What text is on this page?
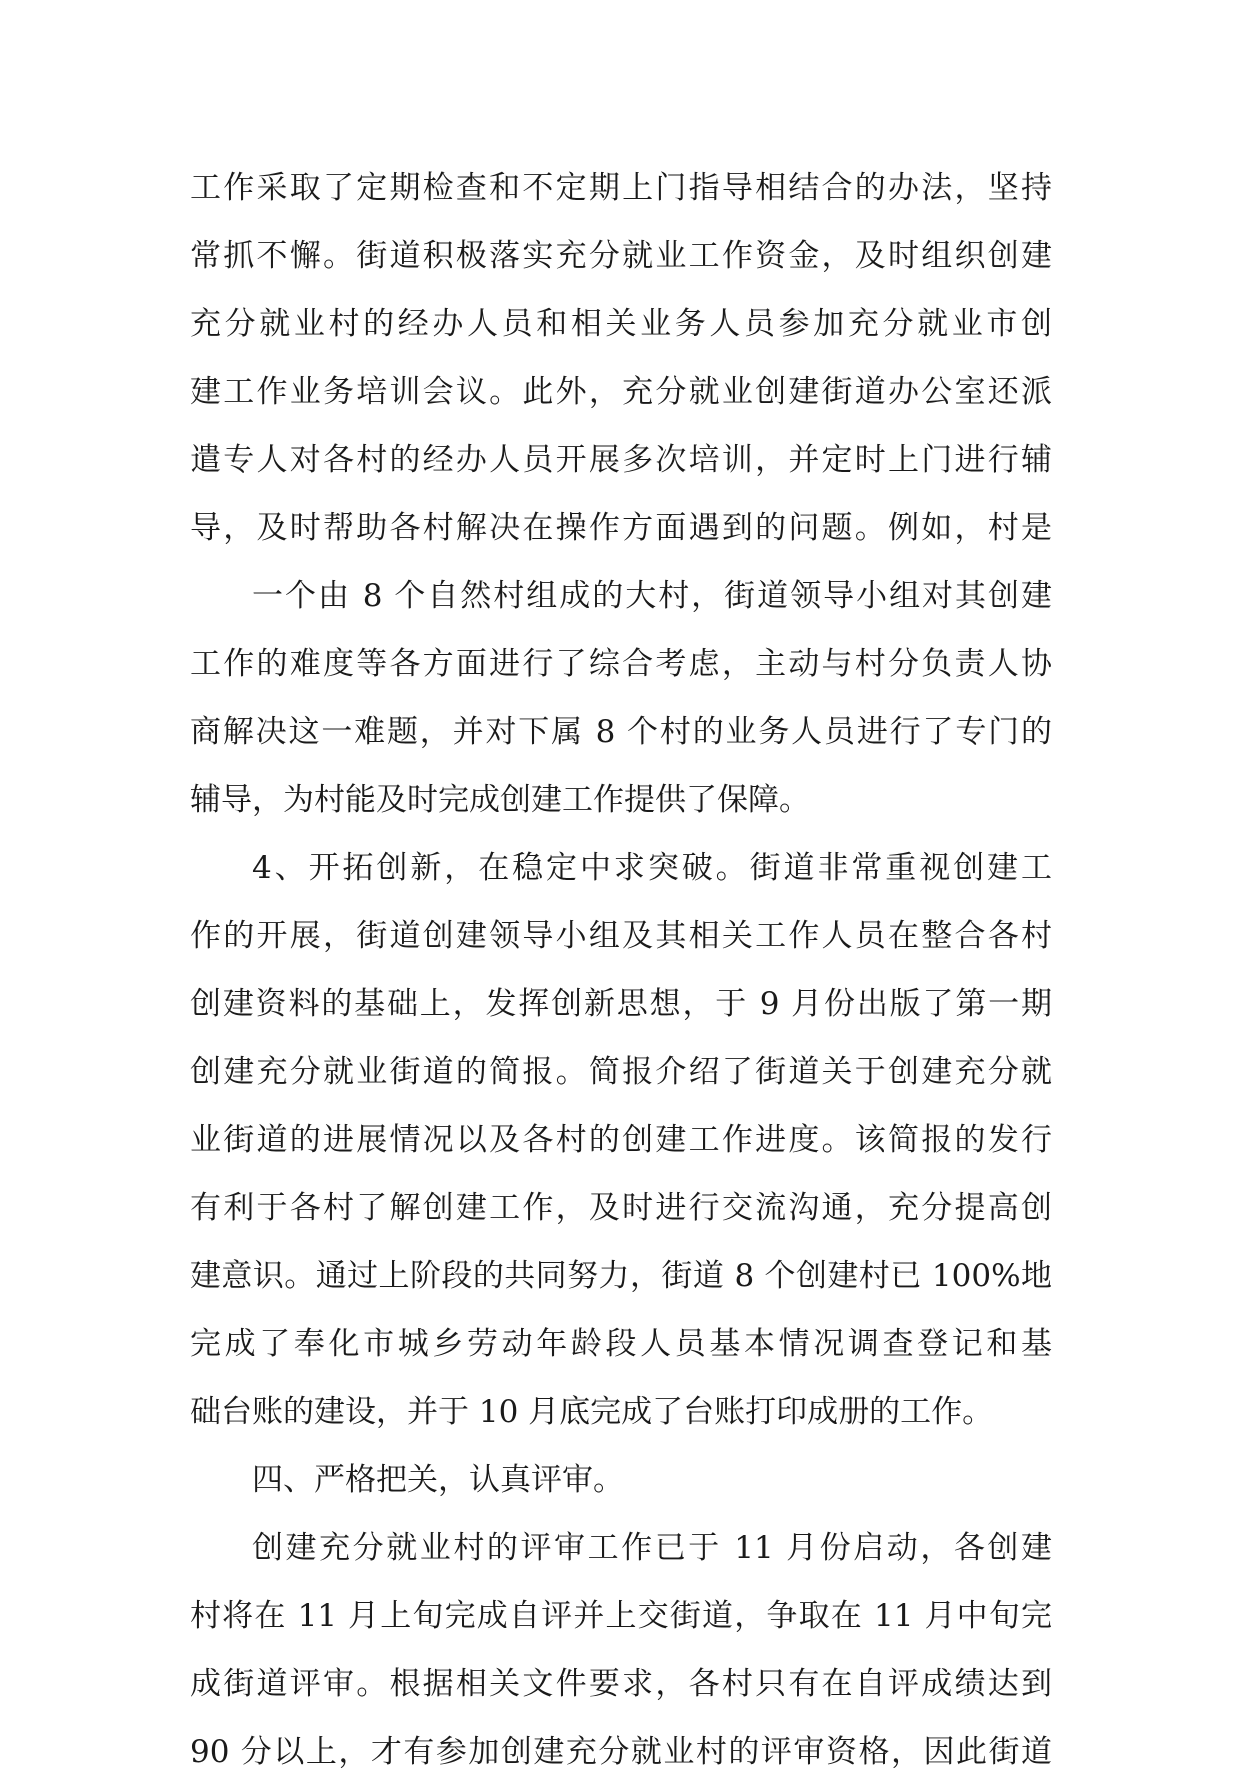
工作采取了定期检查和不定期上门指导相结合的办法，坚持
常抓不懈。街道积极落实充分就业工作资金，及时组织创建
充分就业村的经办人员和相关业务人员参加充分就业市创
建工作业务培训会议。此外，充分就业创建街道办公室还派
遣专人对各村的经办人员开展多次培训，并定时上门进行辅
导，及时帮助各村解决在操作方面遇到的问题。例如，村是
一个由 8 个自然村组成的大村，街道领导小组对其创建
工作的难度等各方面进行了综合考虑，主动与村分负责人协
商解决这一难题，并对下属 8 个村的业务人员进行了专门的
辅导，为村能及时完成创建工作提供了保障。
4、开拓创新，在稳定中求突破。街道非常重视创建工
作的开展，街道创建领导小组及其相关工作人员在整合各村
创建资料的基础上，发挥创新思想，于 9 月份出版了第一期
创建充分就业街道的简报。简报介绍了街道关于创建充分就
业街道的进展情况以及各村的创建工作进度。该简报的发行
有利于各村了解创建工作，及时进行交流沟通，充分提高创
建意识。通过上阶段的共同努力，街道 8 个创建村已 100%地
完成了奉化市城乡劳动年龄段人员基本情况调查登记和基
础台账的建设，并于 10 月底完成了台账打印成册的工作。
四、严格把关，认真评审。
创建充分就业村的评审工作已于 11 月份启动，各创建
村将在 11 月上旬完成自评并上交街道，争取在 11 月中旬完
成街道评审。根据相关文件要求，各村只有在自评成绩达到
90 分以上，才有参加创建充分就业村的评审资格，因此街道
